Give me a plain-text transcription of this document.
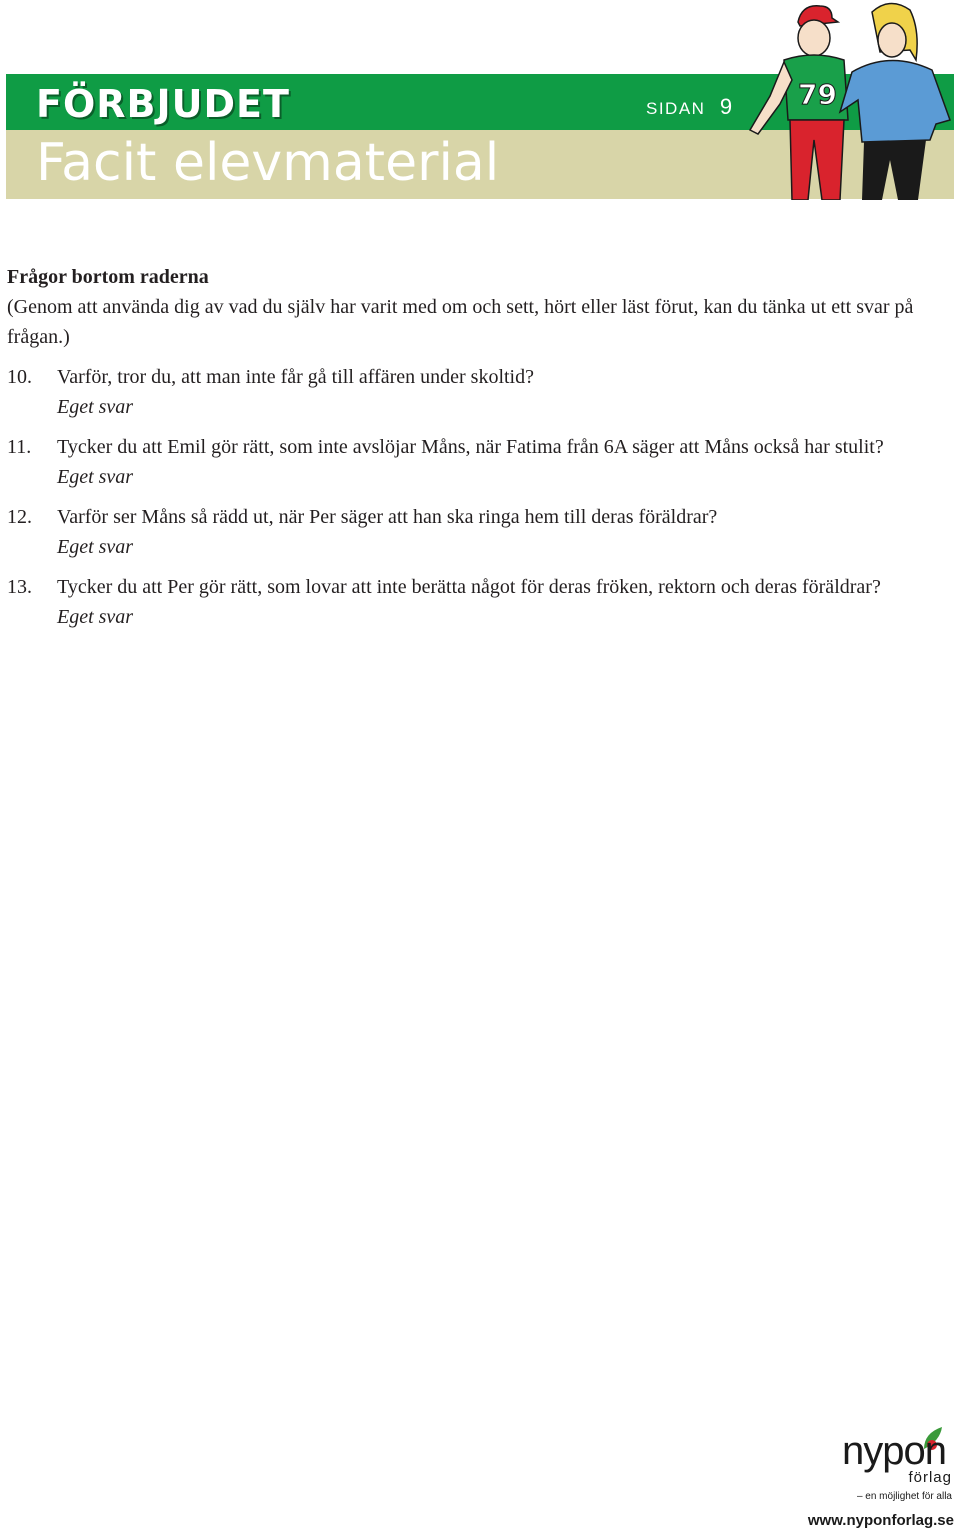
FÖRBJUDET	SIDAN 9
Facit elevmaterial
79
Frågor bortom raderna

(Genom att använda dig av vad du själv har varit med om och sett, hört eller läst förut, kan du tänka ut ett svar på frågan.)

10. Varför, tror du, att man inte får gå till affären under skoltid?
Eget svar
11. Tycker du att Emil gör rätt, som inte avslöjar Måns, när Fatima från 6A säger att Måns också har stulit?
Eget svar
12. Varför ser Måns så rädd ut, när Per säger att han ska ringa hem till deras föräldrar?
Eget svar
13. Tycker du att Per gör rätt, som lovar att inte berätta något för deras fröken, rektorn och deras föräldrar?
Eget svar
nypon
förlag
– en möjlighet för alla
www.nyponforlag.se
